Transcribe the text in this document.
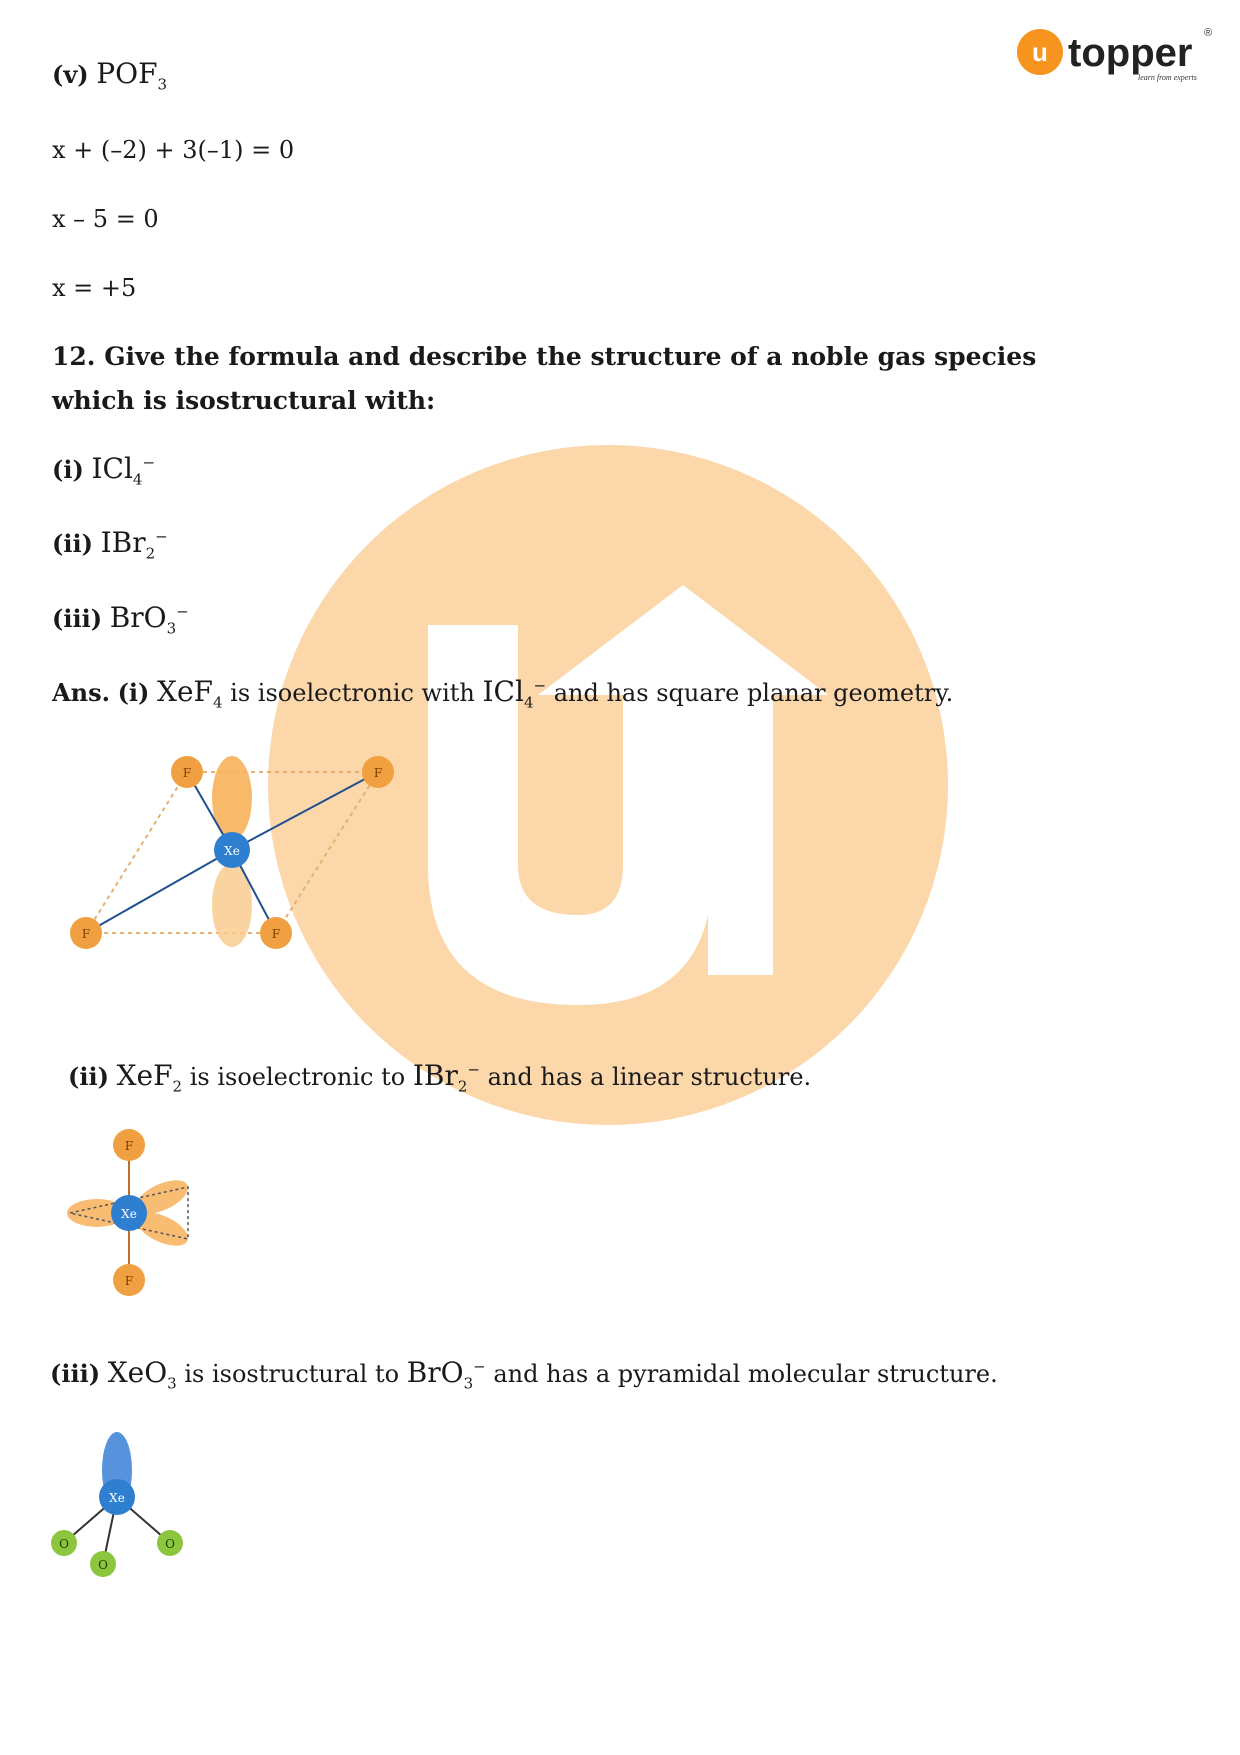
u topper ®
learn from experts
(v) $POF_3$
x + (–2) + 3(–1) = 0
x – 5 = 0
x = +5
12. Give the formula and describe the structure of a noble gas species which is isostructural with:
(i) ICl$_4$−
(ii) IBr$_2$−
(iii) BrO$_3$−
Ans. (i) XeF$_4$ is isoelectronic with ICl$_4$− and has square planar geometry.
F	F
F	F
Xe
(ii) XeF$_2$ is isoelectronic to IBr$_2$− and has a linear structure.
F
F
Xe
(iii) XeO$_3$ is isostructural to BrO$_3$− and has a pyramidal molecular structure.
Xe
O
O
O
